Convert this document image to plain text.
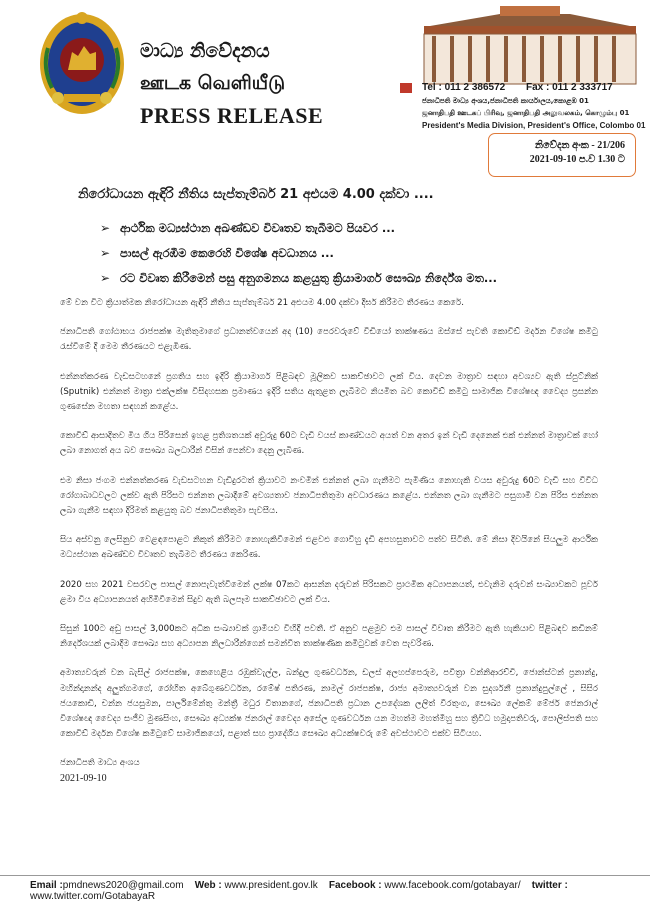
මාධ්‍ය නිවේදනය
ஊடக வெளியீடு
PRESS RELEASE
Tel : 011 2 386572 Fax : 011 2 333717
ජනාධිපති මාධ්‍ය අංශය,ජනාධිපති කාර්යාලය,කොළඹ 01
ஜனாதிபதி ஊடகப் பிரிவு, ஜனாதிபதி அலுவலகம், கொழும்பு 01
President's Media Division, President's Office, Colombo 01
නිවේදන අංක - 21/206
2021-09-10 ප.ව 1.30 ට
නිරෝධායන ඇඳිරි නීතිය සැප්තැම්බර් 21 අළුයම 4.00 දක්වා ....
➢ ආර්ථික මධ්‍යස්ථාන අඛණ්ඩව විවෘතව තැබීමට පියවර ...
➢ පාසල් ඇරඹීම කෙරෙහි විශේෂ අවධානය ...
➢ රට විවෘත කිරීමෙන් පසු අනුගමනය කළයුතු ක්‍රියාමාර්ග සෞඛ්‍ය නිර්දේශ මත...

මේ වන විට ක්‍රියාත්මක නිරෝධායන ඇඳිරි නීතිය සැප්තැම්බර් 21 අළුයම 4.00 දක්වා දීර්ඝ කිරීමට තීරණය කෙරේ.

ජනාධිපති ගෝඨාභය රාජපක්ෂ මැතිතුමාගේ ප්‍රධානත්වයෙන් අද (10) පෙරවරුවේ වීඩියෝ තාක්ෂණය ඔස්සේ පැවති කොවිඩ් මර්දන විශේෂ කමිටු රැස්වීමේ දී මෙම තීරණයට එළැඹිණ.

එන්නත්කරණ වැඩසටහනේ ප්‍රගතිය සහ ඉදිරි ක්‍රියාමාර්ග පිළිබඳව මූලිකව සාකච්ඡාවට ලක් විය. දෙවන මාත්‍රාව සඳහා අවශ්‍යව ඇති ස්පුට්නික් (Sputnik) එන්නත් මාත්‍රා එක්ලක්ෂ විසිදහසක ප්‍රමාණය ඉදිරි සතිය ඇතුළත ලැබීමට නියමිත බව කොවිඩ් කමිටු සාමාජික විශේෂඥ වෛද්‍ය ප්‍රසන්න ගුණසේන මහතා සඳහන් කළේය.

කොවිඩ් ආසාදිතව මිය ගිය පිරිසෙන් ඉහළ ප්‍රතිශතයක් අවුරුදු 60ට වැඩි වයස් කාණ්ඩයට අයත් වන අතර ඉන් වැඩි දෙනෙක් එක් එන්නත් මාත්‍රාවක් හෝ ලබා නොගත් අය බව සෞඛ්‍ය බලධාරීන් විසින් පෙන්වා දෙනු ලැබිණ.

එම නිසා ජංගම එන්නත්කරණ වැඩසටහන වැඩිදුරටත් ක්‍රියාවට නංවමින් එන්නත් ලබා ගැනීමට පැමිණිය නොහැකි වයස අවුරුදු 60ට වැඩි සහ විවිධ රෝගාබාධවලට ලක්ව ඇති පිරිසට එන්නත ලබාදීමේ අවශ්‍යතාව ජනාධිපතිතුමා අවධාරණය කළේය. එන්නත ලබා ගැනීමට පසුගාමී වන පිරිස එන්නත ලබා ගැනීම සඳහා දිරිමත් කළයුතු බව ජනාධිපතිතුමා පැවසීය.

සිය අස්වනු ලෙසිනුව වෙළඳපොළට නිකුත් කිරීමට නොහැකිවීමෙන් එළවළු ගොවීහු දැඩි අපහසුතාවට පත්ව සිටිති. මේ නිසා දිවයිනේ සියලුම ආර්ථික මධ්‍යස්ථාන අඛණ්ඩව විවෘතව තැබීමට තීරණය කෙරිණ.

2020 සහ 2021 වසරවල පාසල් නොපැවැත්වීමෙන් ලක්ෂ 07කට ආසන්න දරුවන් පිරිසකට ප්‍රාථමික අධ්‍යාපනයත්, එවැනිම දරුවන් සංඛ්‍යාවකට පූර්ව ළමා විය අධ්‍යාපනයත් අහිමිවීමෙන් සිදුව ඇති බලපෑම සාකච්ඡාවට ලක් විය.

සිසුන් 100ට අඩු පාසල් 3,000කට අධික සංඛ්‍යාවක් ග්‍රාමීයව විහිදී පවතී. ඒ අනුව පළමුව එම පාසල් විවෘත කිරීමට ඇති හැකියාව පිළිබඳව කඩිනම් නිර්දේශයක් ලබාදීම සෞඛ්‍ය සහ අධ්‍යාපන නිලධාරීන්ගෙන් සමන්විත තාක්ෂණික කමිටුවක් වෙත පැවරිණ.

අමාත්‍යවරුන් වන බැසිල් රාජපක්ෂ, කෙහෙළිය රඹුක්වැල්ල, බන්දුල ගුණවර්ධන, ඩලස් අලහප්පෙරුම, පවිත්‍රා වන්නිආරච්චි, ජොන්ස්ටන් ප්‍රනාන්දු, මහින්දානන්ද අලුත්ගමගේ, රෝහිත අබේගුණවර්ධන, රමේෂ් පතිරණ, නාමල් රාජපක්ෂ, රාජ්‍ය අමාත්‍යවරුන් වන සුදර්ශනී ප්‍රනාන්දුපුල්ලේ , සිසිර ජයකොඩි, චන්න ජයසුමන, පාර්ලිමේන්තු මන්ත්‍රී මධුර විතානගේ, ජනාධිපති ප්‍රධාන උපදේශක ලලිත් වීරතුංග, සෞඛ්‍ය ලේකම් මේජර් ජෙනරාල් විශේෂඥ වෛද්‍ය සංජීව මුණසිංහ, සෞඛ්‍ය අධ්‍යක්ෂ ජනරාල් වෛද්‍ය අසේල ගුණවර්ධන යන මහත්ම මහත්මීහු සහ ත්‍රිවිධ හමුදාපතිවරු, පොලිස්පති සහ කොවිඩ් මර්දන විශේෂ කමිටුවේ සාමාජිකයෝ, පළාත් සහ ප්‍රාදේශීය සෞඛ්‍ය අධ්‍යක්ෂවරු මේ අවස්ථාවට එක්ව සිටියහ.

ජනාධිපති මාධ්‍ය අංශය

2021-09-10

Email :pmdnews2020@gmail.com Web : www.president.gov.lk Facebook : www.facebook.com/gotabayar/ twitter : www.twitter.com/GotabayaR
